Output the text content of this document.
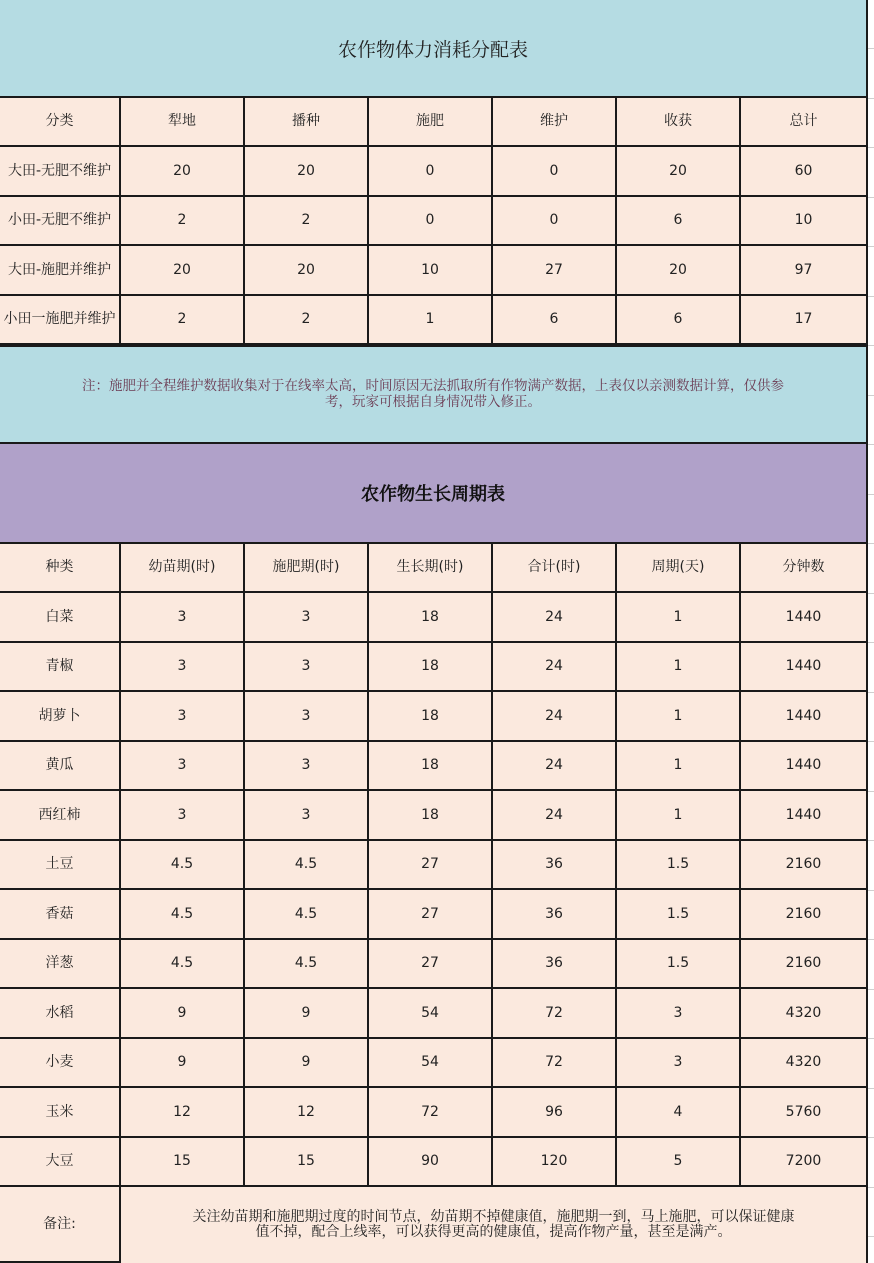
农作物体力消耗分配表
分类	犁地	播种	施肥	维护	收获	总计
大田-无肥不维护	20	20	0	0	20	60
小田-无肥不维护	2	2	0	0	6	10
大田-施肥并维护	20	20	10	27	20	97
小田一施肥并维护	2	2	1	6	6	17
注：施肥并全程维护数据收集对于在线率太高，时间原因无法抓取所有作物满产数据，上表仅以亲测数据计算，仅供参考，玩家可根据自身情况带入修正。
农作物生长周期表
种类	幼苗期(时)	施肥期(时)	生长期(时)	合计(时)	周期(天)	分钟数
白菜	3	3	18	24	1	1440
青椒	3	3	18	24	1	1440
胡萝卜	3	3	18	24	1	1440
黄瓜	3	3	18	24	1	1440
西红柿	3	3	18	24	1	1440
土豆	4.5	4.5	27	36	1.5	2160
香菇	4.5	4.5	27	36	1.5	2160
洋葱	4.5	4.5	27	36	1.5	2160
水稻	9	9	54	72	3	4320
小麦	9	9	54	72	3	4320
玉米	12	12	72	96	4	5760
大豆	15	15	90	120	5	7200
备注:	关注幼苗期和施肥期过度的时间节点，幼苗期不掉健康值，施肥期一到，马上施肥，可以保证健康值不掉，配合上线率，可以获得更高的健康值，提高作物产量，甚至是满产。
